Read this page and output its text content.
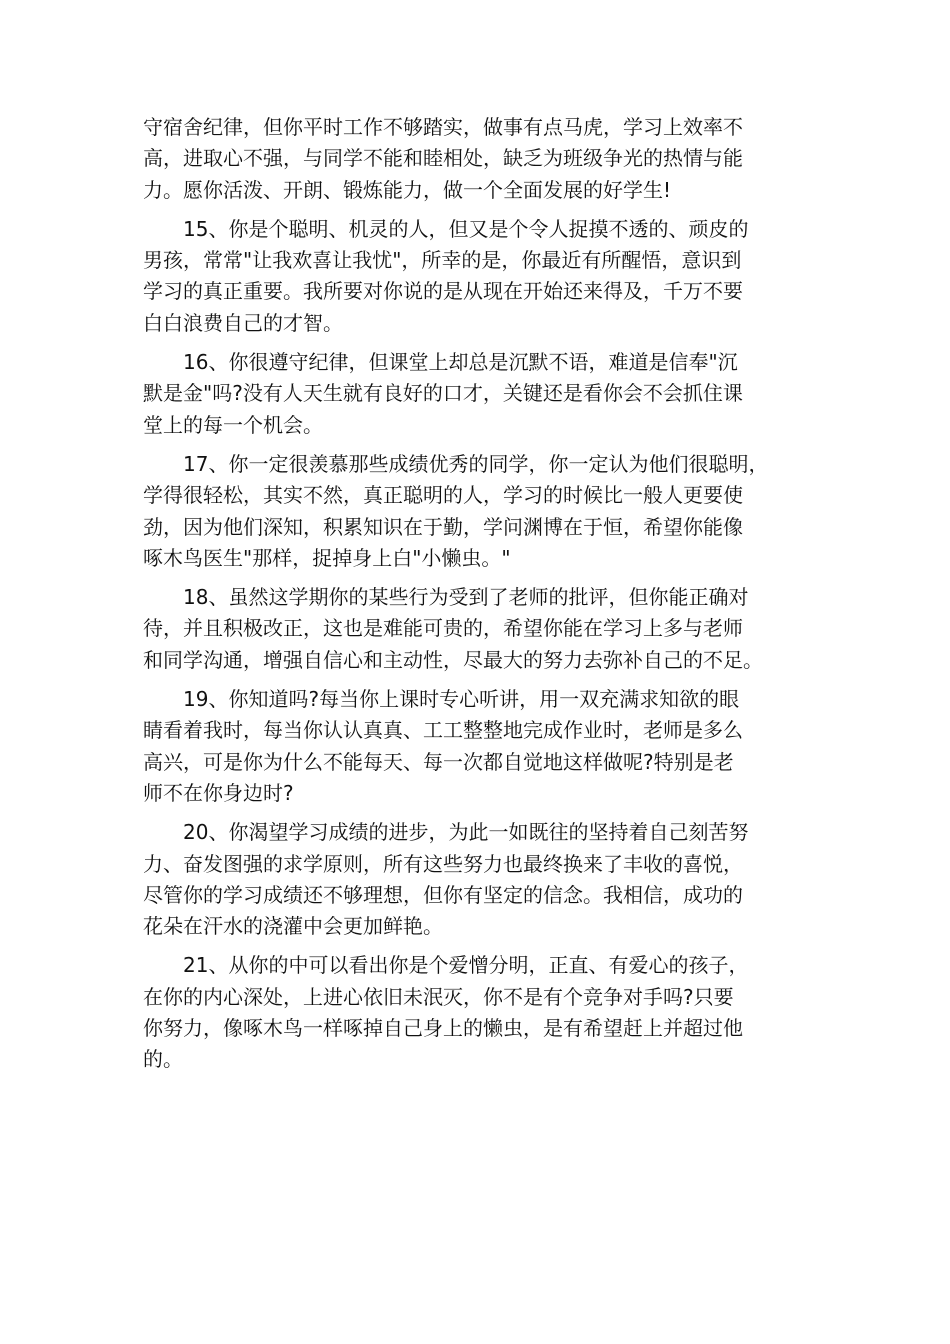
守宿舍纪律，但你平时工作不够踏实，做事有点马虎，学习上效率不
高，进取心不强，与同学不能和睦相处，缺乏为班级争光的热情与能
力。愿你活泼、开朗、锻炼能力，做一个全面发展的好学生!

15、你是个聪明、机灵的人，但又是个令人捉摸不透的、顽皮的
男孩，常常"让我欢喜让我忧"，所幸的是，你最近有所醒悟，意识到
学习的真正重要。我所要对你说的是从现在开始还来得及，千万不要
白白浪费自己的才智。

16、你很遵守纪律，但课堂上却总是沉默不语，难道是信奉"沉
默是金"吗?没有人天生就有良好的口才，关键还是看你会不会抓住课
堂上的每一个机会。

17、你一定很羡慕那些成绩优秀的同学，你一定认为他们很聪明，
学得很轻松，其实不然，真正聪明的人，学习的时候比一般人更要使
劲，因为他们深知，积累知识在于勤，学问渊博在于恒，希望你能像
啄木鸟医生"那样，捉掉身上白"小懒虫。"

18、虽然这学期你的某些行为受到了老师的批评，但你能正确对
待，并且积极改正，这也是难能可贵的，希望你能在学习上多与老师
和同学沟通，增强自信心和主动性，尽最大的努力去弥补自己的不足。

19、你知道吗?每当你上课时专心听讲，用一双充满求知欲的眼
睛看着我时，每当你认认真真、工工整整地完成作业时，老师是多么
高兴，可是你为什么不能每天、每一次都自觉地这样做呢?特别是老
师不在你身边时?

20、你渴望学习成绩的进步，为此一如既往的坚持着自己刻苦努
力、奋发图强的求学原则，所有这些努力也最终换来了丰收的喜悦，
尽管你的学习成绩还不够理想，但你有坚定的信念。我相信，成功的
花朵在汗水的浇灌中会更加鲜艳。

21、从你的中可以看出你是个爱憎分明，正直、有爱心的孩子，
在你的内心深处，上进心依旧未泯灭，你不是有个竞争对手吗?只要
你努力，像啄木鸟一样啄掉自己身上的懒虫，是有希望赶上并超过他
的。
